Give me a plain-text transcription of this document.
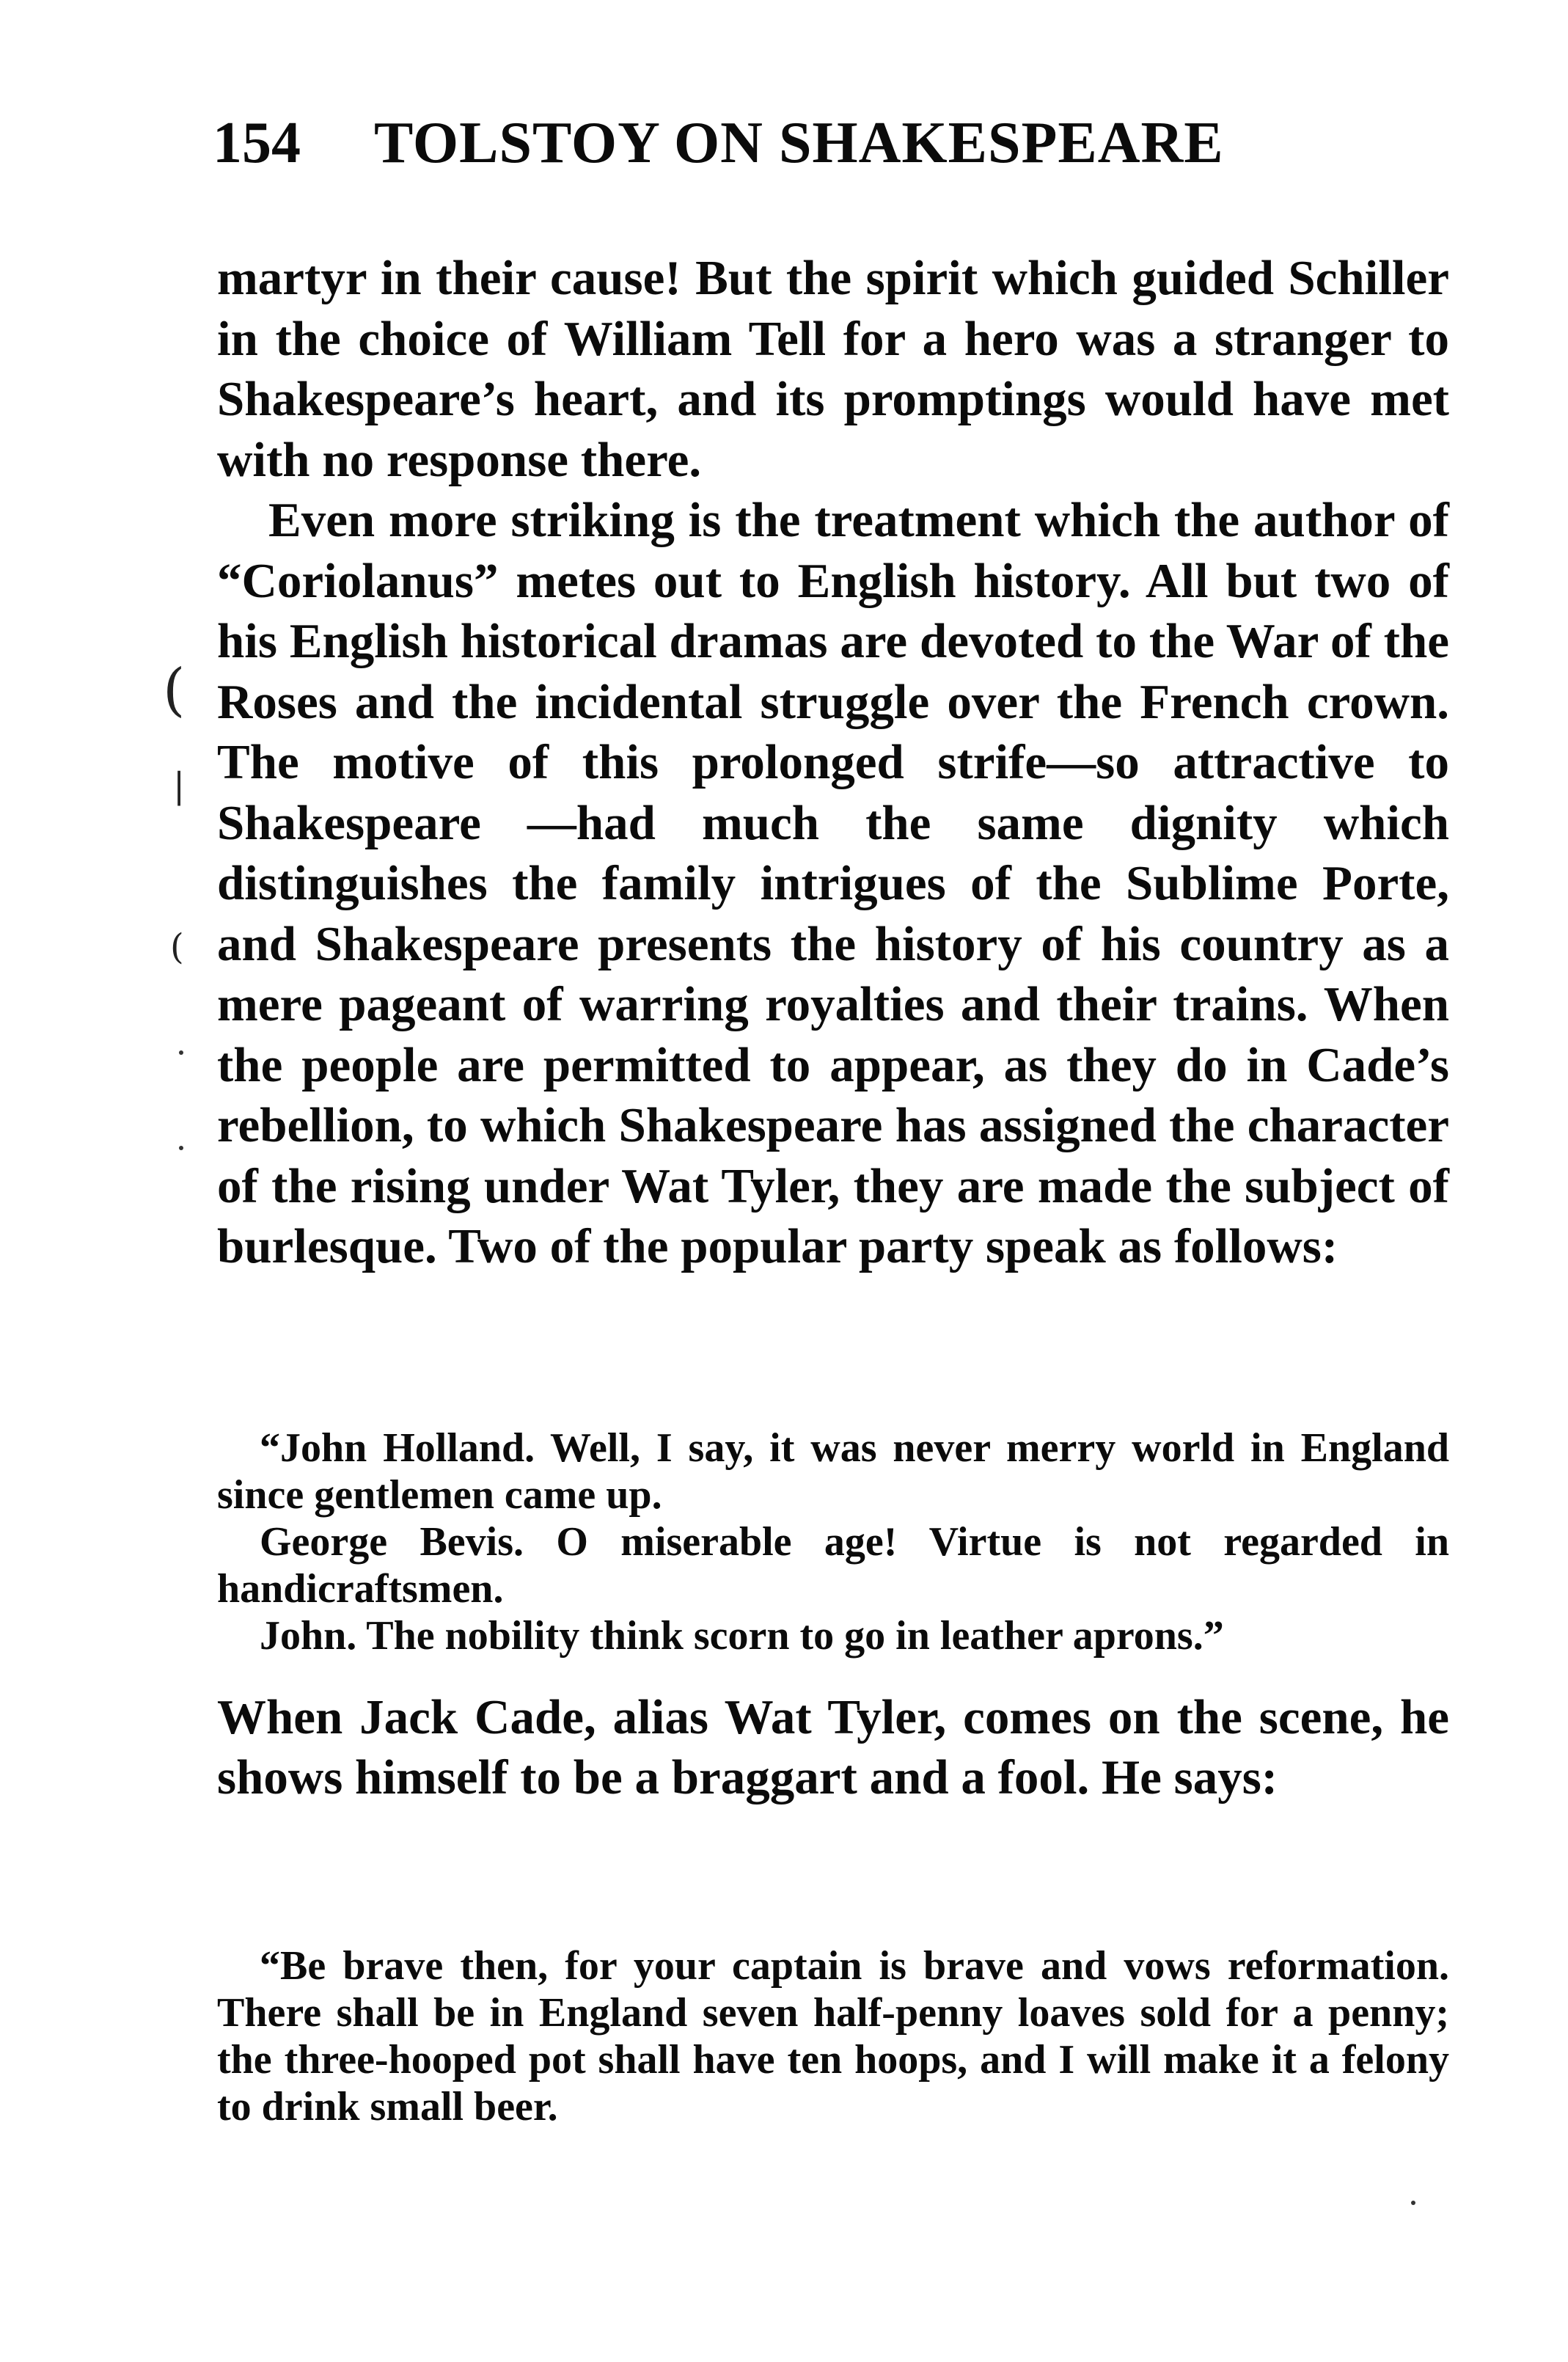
154 TOLSTOY ON SHAKESPEARE

martyr in their cause! But the spirit which guided Schiller in the choice of William Tell for a hero was a stranger to Shakespeare’s heart, and its promptings would have met with no response there.

Even more striking is the treatment which the author of “Coriolanus” metes out to English history. All but two of his English historical dramas are devoted to the War of the Roses and the incidental struggle over the French crown. The motive of this prolonged strife—so attractive to Shakespeare —had much the same dignity which distinguishes the family intrigues of the Sublime Porte, and Shakespeare presents the history of his country as a mere pageant of warring royalties and their trains. When the people are permitted to appear, as they do in Cade’s rebellion, to which Shakespeare has assigned the character of the rising under Wat Tyler, they are made the subject of burlesque. Two of the popular party speak as follows:

“John Holland. Well, I say, it was never merry world in England since gentlemen came up.

George Bevis. O miserable age! Virtue is not regarded in handicraftsmen.

John. The nobility think scorn to go in leather aprons.”

When Jack Cade, alias Wat Tyler, comes on the scene, he shows himself to be a braggart and a fool. He says:

“Be brave then, for your captain is brave and vows reformation. There shall be in England seven half-penny loaves sold for a penny; the three-hooped pot shall have ten hoops, and I will make it a felony to drink small beer.

(
|
(
